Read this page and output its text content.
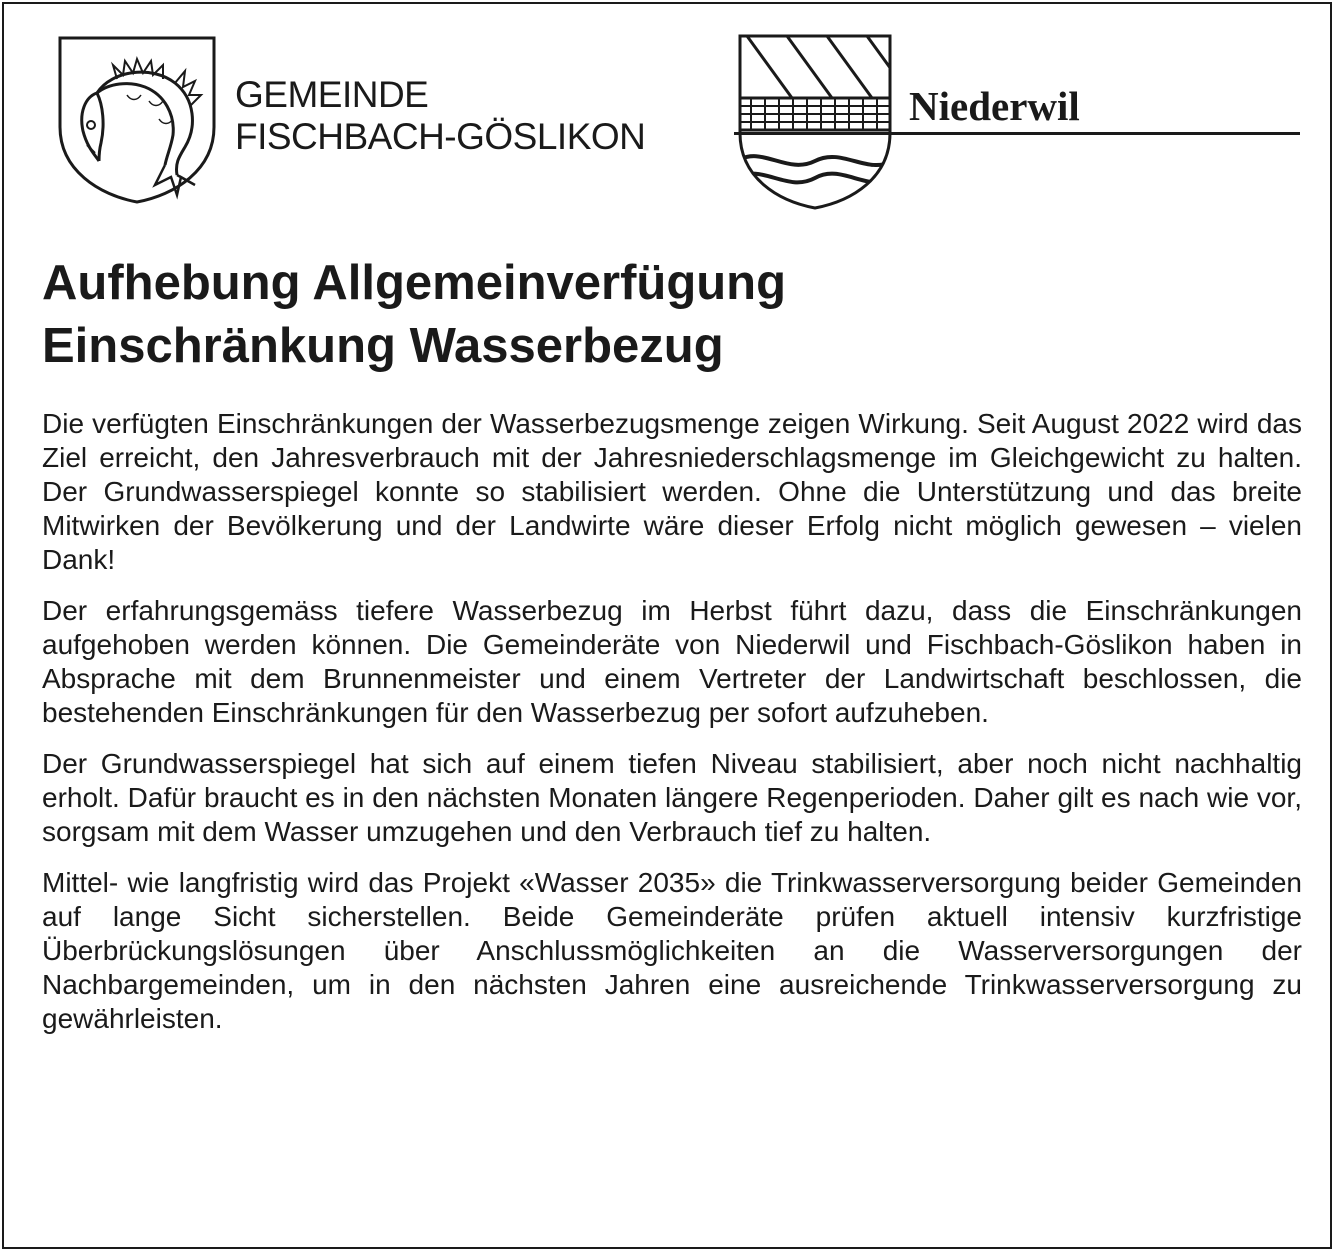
GEMEINDE
FISCHBACH-GÖSLIKON
Niederwil
Aufhebung Allgemeinverfügung
Einschränkung Wasserbezug

Die verfügten Einschränkungen der Wasserbezugsmenge zeigen Wirkung. Seit August 2022 wird das Ziel erreicht, den Jahresverbrauch mit der Jahresniederschlagsmenge im Gleichgewicht zu halten. Der Grundwasserspiegel konnte so stabilisiert werden. Ohne die Unterstützung und das breite Mitwirken der Bevölkerung und der Landwirte wäre dieser Erfolg nicht möglich gewesen – vielen Dank!

Der erfahrungsgemäss tiefere Wasserbezug im Herbst führt dazu, dass die Einschränkungen aufgehoben werden können. Die Gemeinderäte von Niederwil und Fischbach-Göslikon haben in Absprache mit dem Brunnenmeister und einem Vertreter der Landwirtschaft beschlossen, die bestehenden Einschränkungen für den Wasserbezug per sofort aufzuheben.

Der Grundwasserspiegel hat sich auf einem tiefen Niveau stabilisiert, aber noch nicht nachhaltig erholt. Dafür braucht es in den nächsten Monaten längere Regenperioden. Daher gilt es nach wie vor, sorgsam mit dem Wasser umzugehen und den Verbrauch tief zu halten.

Mittel- wie langfristig wird das Projekt «Wasser 2035» die Trinkwasserversorgung beider Gemeinden auf lange Sicht sicherstellen. Beide Gemeinderäte prüfen aktuell intensiv kurzfristige Überbrückungslösungen über Anschlussmöglichkeiten an die Wasserversorgungen der Nachbargemeinden, um in den nächsten Jahren eine ausreichende Trinkwasserversorgung zu gewährleisten.
